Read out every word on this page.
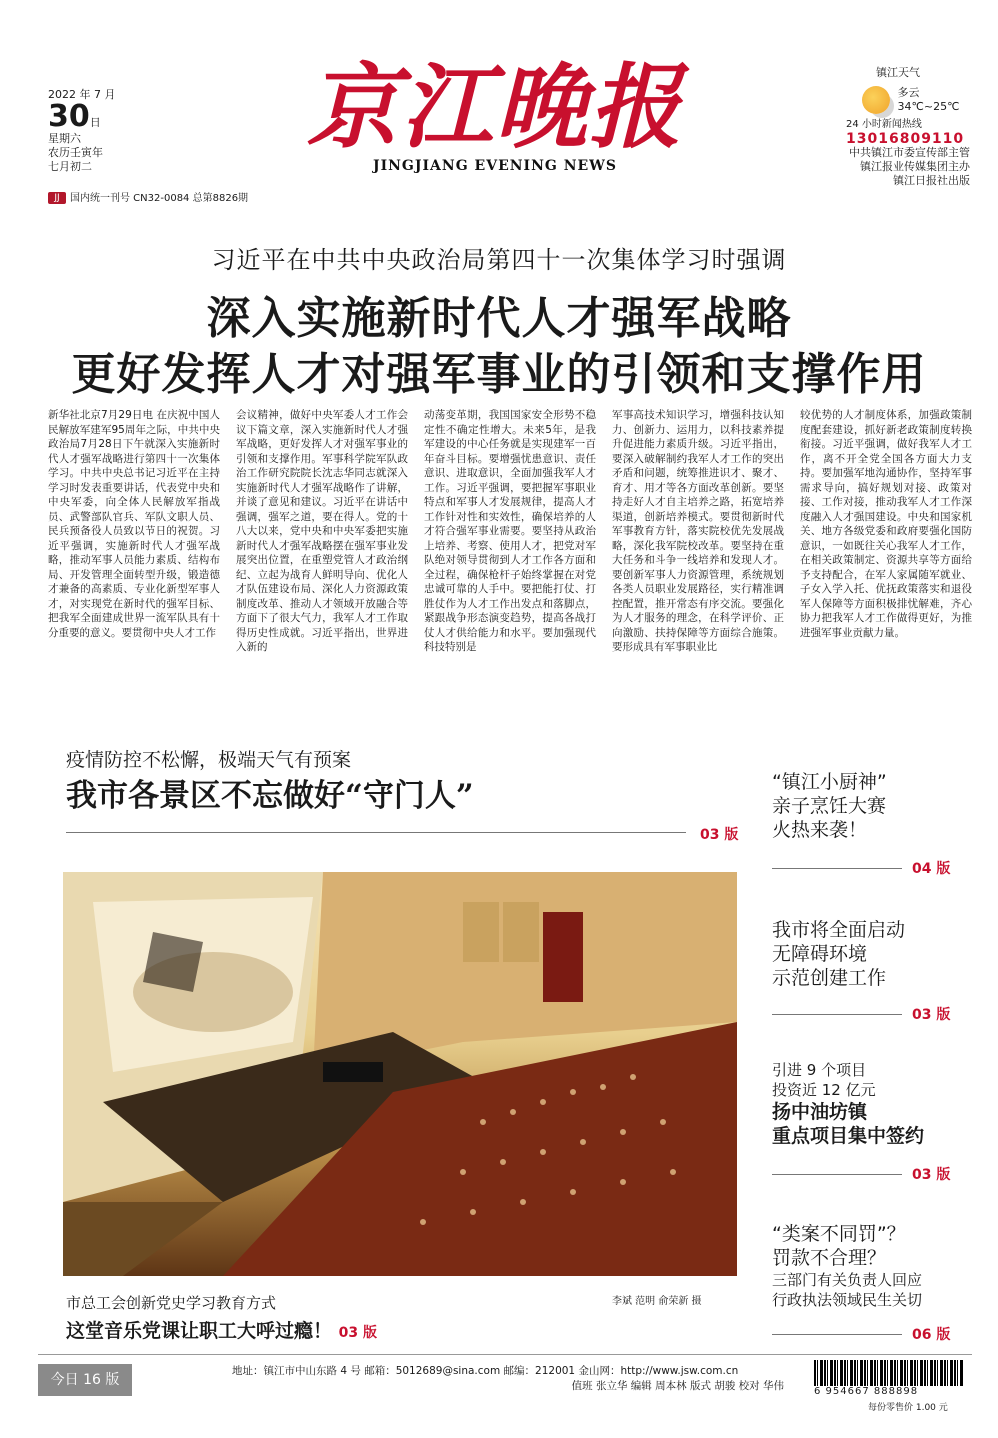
2022 年 7 月
30日
星期六
农历壬寅年
七月初二
JJ 国内统一刊号 CN32-0084 总第8826期
京江晚报
JINGJIANG EVENING NEWS
镇江天气

多云
34℃~25℃
24 小时新闻热线
13016809110
中共镇江市委宣传部主管
镇江报业传媒集团主办
镇江日报社出版
习近平在中共中央政治局第四十一次集体学习时强调
深入实施新时代人才强军战略
更好发挥人才对强军事业的引领和支撑作用

新华社北京7月29日电 在庆祝中国人民解放军建军95周年之际，中共中央政治局7月28日下午就深入实施新时代人才强军战略进行第四十一次集体学习。中共中央总书记习近平在主持学习时发表重要讲话，代表党中央和中央军委，向全体人民解放军指战员、武警部队官兵、军队文职人员、民兵预备役人员致以节日的祝贺。习近平强调，实施新时代人才强军战略，推动军事人员能力素质、结构布局、开发管理全面转型升级，锻造德才兼备的高素质、专业化新型军事人才，对实现党在新时代的强军目标、把我军全面建成世界一流军队具有十分重要的意义。要贯彻中央人才工作

会议精神，做好中央军委人才工作会议下篇文章，深入实施新时代人才强军战略，更好发挥人才对强军事业的引领和支撑作用。军事科学院军队政治工作研究院院长沈志华同志就深入实施新时代人才强军战略作了讲解，并谈了意见和建议。习近平在讲话中强调，强军之道，要在得人。党的十八大以来，党中央和中央军委把实施新时代人才强军战略摆在强军事业发展突出位置，在重塑党管人才政治纲纪、立起为战育人鲜明导向、优化人才队伍建设布局、深化人力资源政策制度改革、推动人才领域开放融合等方面下了很大气力，我军人才工作取得历史性成就。习近平指出，世界进入新的

动荡变革期，我国国家安全形势不稳定性不确定性增大。未来5年，是我军建设的中心任务就是实现建军一百年奋斗目标。要增强忧患意识、责任意识、进取意识，全面加强我军人才工作。习近平强调，要把握军事职业特点和军事人才发展规律，提高人才工作针对性和实效性，确保培养的人才符合强军事业需要。要坚持从政治上培养、考察、使用人才，把党对军队绝对领导贯彻到人才工作各方面和全过程，确保枪杆子始终掌握在对党忠诚可靠的人手中。要把能打仗、打胜仗作为人才工作出发点和落脚点，紧跟战争形态演变趋势，提高各战打仗人才供给能力和水平。要加强现代科技特别是

军事高技术知识学习，增强科技认知力、创新力、运用力，以科技素养提升促进能力素质升级。习近平指出，要深入破解制约我军人才工作的突出矛盾和问题，统筹推进识才、聚才、育才、用才等各方面改革创新。要坚持走好人才自主培养之路，拓宽培养渠道，创新培养模式。要贯彻新时代军事教育方针，落实院校优先发展战略，深化我军院校改革。要坚持在重大任务和斗争一线培养和发现人才。要创新军事人力资源管理，系统规划各类人员职业发展路径，实行精准调控配置，推开常态有序交流。要强化为人才服务的理念，在科学评价、正向激励、扶持保障等方面综合施策。要形成具有军事职业比

较优势的人才制度体系，加强政策制度配套建设，抓好新老政策制度转换衔接。习近平强调，做好我军人才工作，离不开全党全国各方面大力支持。要加强军地沟通协作，坚持军事需求导向，搞好规划对接、政策对接、工作对接，推动我军人才工作深度融入人才强国建设。中央和国家机关、地方各级党委和政府要强化国防意识，一如既往关心我军人才工作，在相关政策制定、资源共享等方面给予支持配合，在军人家属随军就业、子女入学入托、优抚政策落实和退役军人保障等方面积极排忧解难，齐心协力把我军人才工作做得更好，为推进强军事业贡献力量。

疫情防控不松懈，极端天气有预案
我市各景区不忘做好“守门人”
03 版
市总工会创新党史学习教育方式
这堂音乐党课让职工大呼过瘾！ 03 版
李斌 范明 俞荣新 摄
“镇江小厨神”
亲子烹饪大赛
火热来袭！
04 版
我市将全面启动
无障碍环境
示范创建工作
03 版
引进 9 个项目
投资近 12 亿元
扬中油坊镇
重点项目集中签约
03 版
“类案不同罚”？
罚款不合理？
三部门有关负责人回应
行政执法领域民生关切
06 版
今日 16 版
地址：镇江市中山东路 4 号 邮箱：5012689@sina.com 邮编：212001 金山网：http://www.jsw.com.cn
值班 张立华 编辑 周本林 版式 胡骏 校对 华伟	6 954667 888898
每份零售价 1.00 元
